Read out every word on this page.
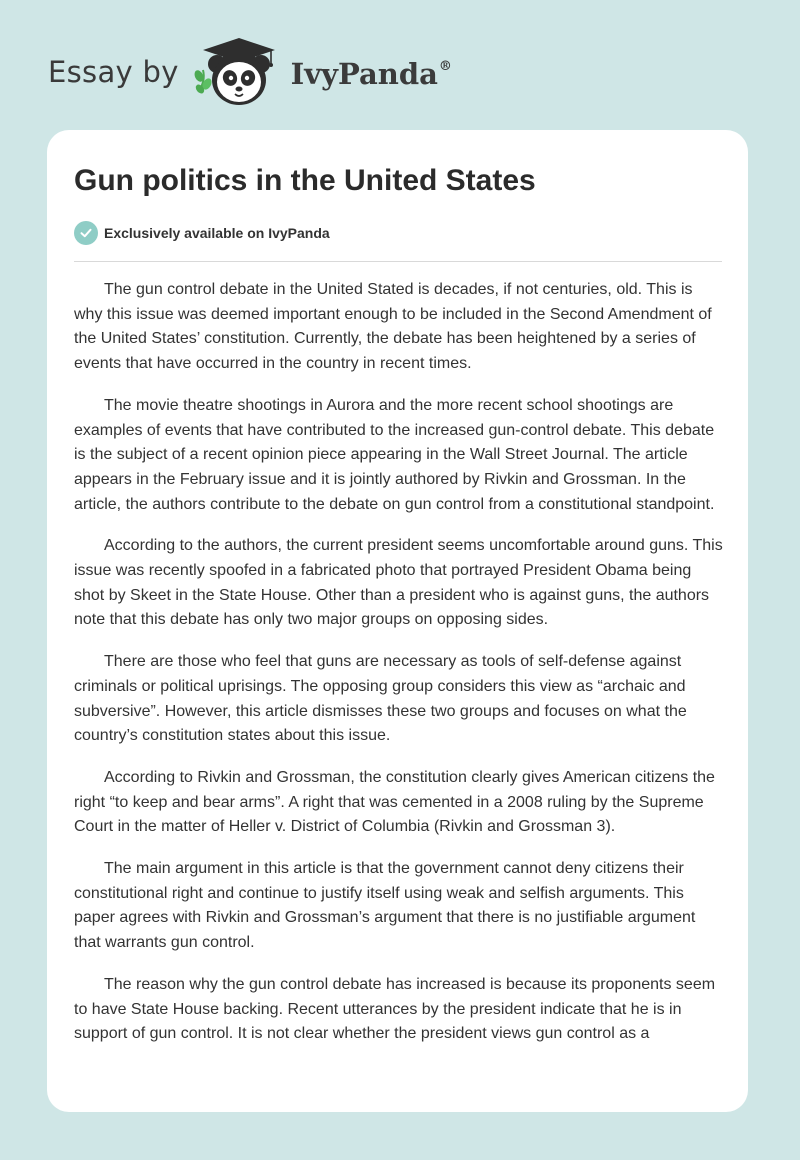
Essay by	IvyPanda®
Gun politics in the United States
Exclusively available on IvyPanda

The gun control debate in the United Stated is decades, if not centuries, old. This is why this issue was deemed important enough to be included in the Second Amendment of the United States’ constitution. Currently, the debate has been heightened by a series of events that have occurred in the country in recent times.

The movie theatre shootings in Aurora and the more recent school shootings are examples of events that have contributed to the increased gun-control debate. This debate is the subject of a recent opinion piece appearing in the Wall Street Journal. The article appears in the February issue and it is jointly authored by Rivkin and Grossman. In the article, the authors contribute to the debate on gun control from a constitutional standpoint.

According to the authors, the current president seems uncomfortable around guns. This issue was recently spoofed in a fabricated photo that portrayed President Obama being shot by Skeet in the State House. Other than a president who is against guns, the authors note that this debate has only two major groups on opposing sides.

There are those who feel that guns are necessary as tools of self-defense against criminals or political uprisings. The opposing group considers this view as “archaic and subversive”. However, this article dismisses these two groups and focuses on what the country’s constitution states about this issue.

According to Rivkin and Grossman, the constitution clearly gives American citizens the right “to keep and bear arms”. A right that was cemented in a 2008 ruling by the Supreme Court in the matter of Heller v. District of Columbia (Rivkin and Grossman 3).

The main argument in this article is that the government cannot deny citizens their constitutional right and continue to justify itself using weak and selfish arguments. This paper agrees with Rivkin and Grossman’s argument that there is no justifiable argument that warrants gun control.

The reason why the gun control debate has increased is because its proponents seem to have State House backing. Recent utterances by the president indicate that he is in support of gun control. It is not clear whether the president views gun control as a
